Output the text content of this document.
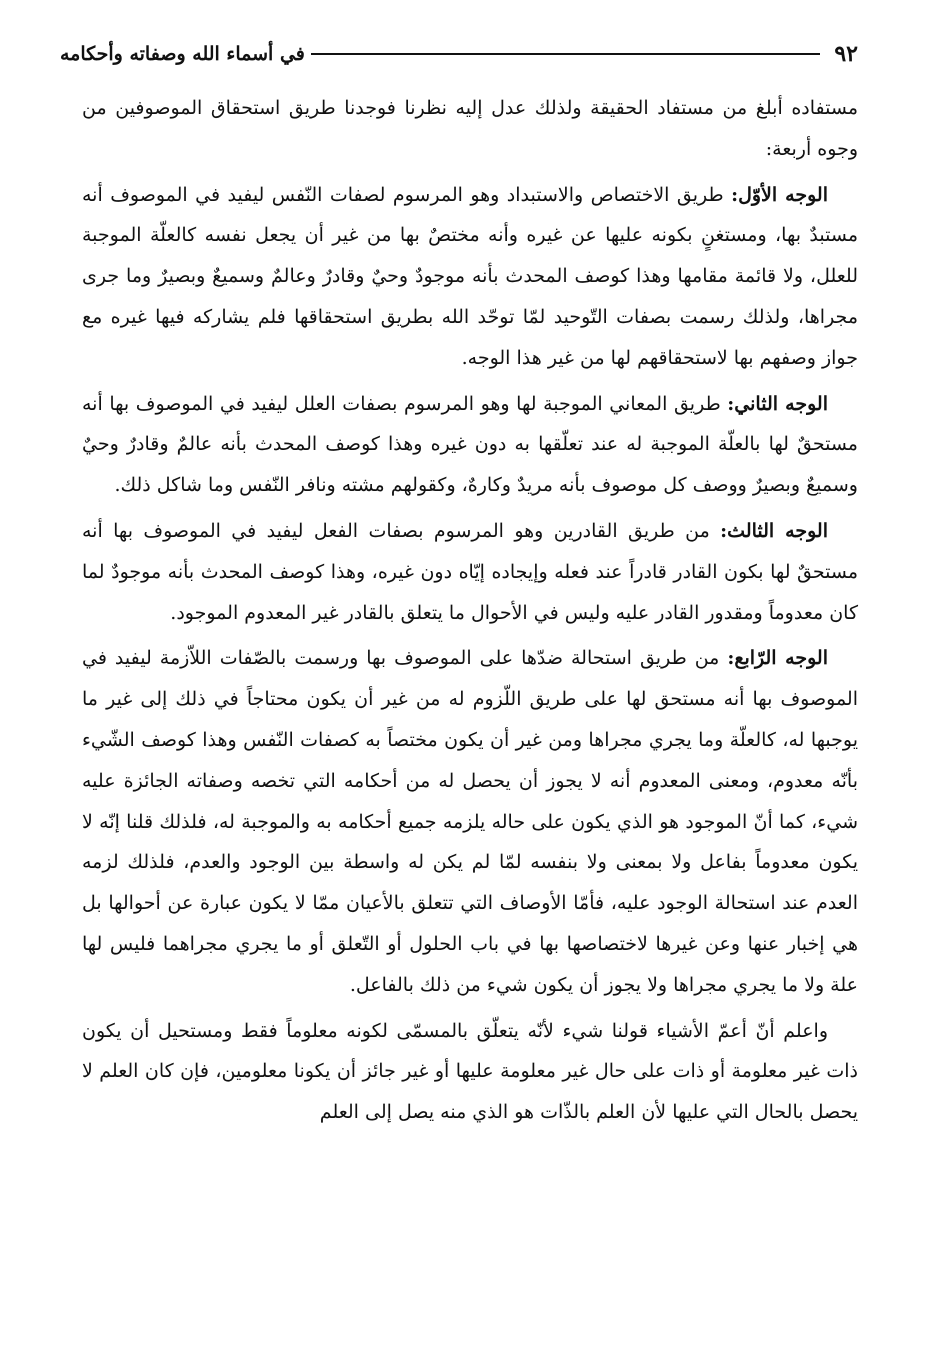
٩٢
في أسماء الله وصفاته وأحكامه

مستفاده أبلغ من مستفاد الحقيقة ولذلك عدل إليه نظرنا فوجدنا طريق استحقاق الموصوفين من وجوه أربعة:

الوجه الأوّل: طريق الاختصاص والاستبداد وهو المرسوم لصفات النّفس ليفيد في الموصوف أنه مستبدٌ بها، ومستغنٍ بكونه عليها عن غيره وأنه مختصٌ بها من غير أن يجعل نفسه كالعلّة الموجبة للعلل، ولا قائمة مقامها وهذا كوصف المحدث بأنه موجودٌ وحيٌ وقادرٌ وعالمٌ وسميعٌ وبصيرٌ وما جرى مجراها، ولذلك رسمت بصفات التّوحيد لمّا توحّد الله بطريق استحقاقها فلم يشاركه فيها غيره مع جواز وصفهم بها لاستحقاقهم لها من غير هذا الوجه.

الوجه الثاني: طريق المعاني الموجبة لها وهو المرسوم بصفات العلل ليفيد في الموصوف بها أنه مستحقٌ لها بالعلّة الموجبة له عند تعلّقها به دون غيره وهذا كوصف المحدث بأنه عالمٌ وقادرٌ وحيٌ وسميعٌ وبصيرٌ ووصف كل موصوف بأنه مريدٌ وكارهٌ، وكقولهم مشته ونافر النّفس وما شاكل ذلك.

الوجه الثالث: من طريق القادرين وهو المرسوم بصفات الفعل ليفيد في الموصوف بها أنه مستحقٌ لها بكون القادر قادراً عند فعله وإيجاده إيّاه دون غيره، وهذا كوصف المحدث بأنه موجودٌ لما كان معدوماً ومقدور القادر عليه وليس في الأحوال ما يتعلق بالقادر غير المعدوم الموجود.

الوجه الرّابع: من طريق استحالة ضدّها على الموصوف بها ورسمت بالصّفات اللاّزمة ليفيد في الموصوف بها أنه مستحق لها على طريق اللّزوم له من غير أن يكون محتاجاً في ذلك إلى غير ما يوجبها له، كالعلّة وما يجري مجراها ومن غير أن يكون مختصاً به كصفات النّفس وهذا كوصف الشّيء بأنّه معدوم، ومعنى المعدوم أنه لا يجوز أن يحصل له من أحكامه التي تخصه وصفاته الجائزة عليه شيء، كما أنّ الموجود هو الذي يكون على حاله يلزمه جميع أحكامه به والموجبة له، فلذلك قلنا إنّه لا يكون معدوماً بفاعل ولا بمعنى ولا بنفسه لمّا لم يكن له واسطة بين الوجود والعدم، فلذلك لزمه العدم عند استحالة الوجود عليه، فأمّا الأوصاف التي تتعلق بالأعيان ممّا لا يكون عبارة عن أحوالها بل هي إخبار عنها وعن غيرها لاختصاصها بها في باب الحلول أو التّعلق أو ما يجري مجراهما فليس لها علة ولا ما يجري مجراها ولا يجوز أن يكون شيء من ذلك بالفاعل.

واعلم أنّ أعمّ الأشياء قولنا شيء لأنّه يتعلّق بالمسمّى لكونه معلوماً فقط ومستحيل أن يكون ذات غير معلومة أو ذات على حال غير معلومة عليها أو غير جائز أن يكونا معلومين، فإن كان العلم لا يحصل بالحال التي عليها لأن العلم بالذّات هو الذي منه يصل إلى العلم
